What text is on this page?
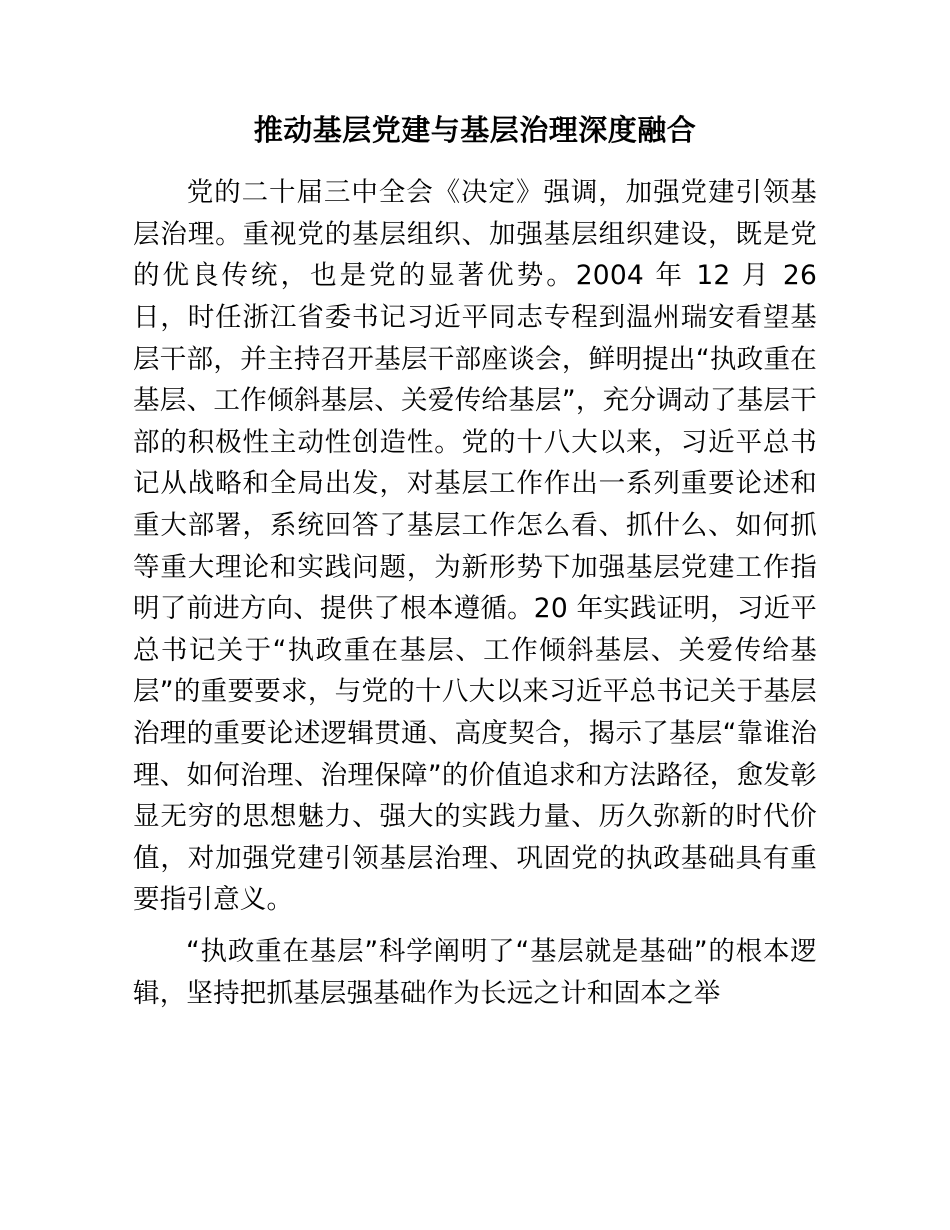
推动基层党建与基层治理深度融合

党的二十届三中全会《决定》强调，加强党建引领基层治理。重视党的基层组织、加强基层组织建设，既是党的优良传统，也是党的显著优势。2004 年 12 月 26 日，时任浙江省委书记习近平同志专程到温州瑞安看望基层干部，并主持召开基层干部座谈会，鲜明提出“执政重在基层、工作倾斜基层、关爱传给基层”，充分调动了基层干部的积极性主动性创造性。党的十八大以来，习近平总书记从战略和全局出发，对基层工作作出一系列重要论述和重大部署，系统回答了基层工作怎么看、抓什么、如何抓等重大理论和实践问题，为新形势下加强基层党建工作指明了前进方向、提供了根本遵循。20 年实践证明，习近平总书记关于“执政重在基层、工作倾斜基层、关爱传给基层”的重要要求，与党的十八大以来习近平总书记关于基层治理的重要论述逻辑贯通、高度契合，揭示了基层“靠谁治理、如何治理、治理保障”的价值追求和方法路径，愈发彰显无穷的思想魅力、强大的实践力量、历久弥新的时代价值，对加强党建引领基层治理、巩固党的执政基础具有重要指引意义。

“执政重在基层”科学阐明了“基层就是基础”的根本逻辑，坚持把抓基层强基础作为长远之计和固本之举
